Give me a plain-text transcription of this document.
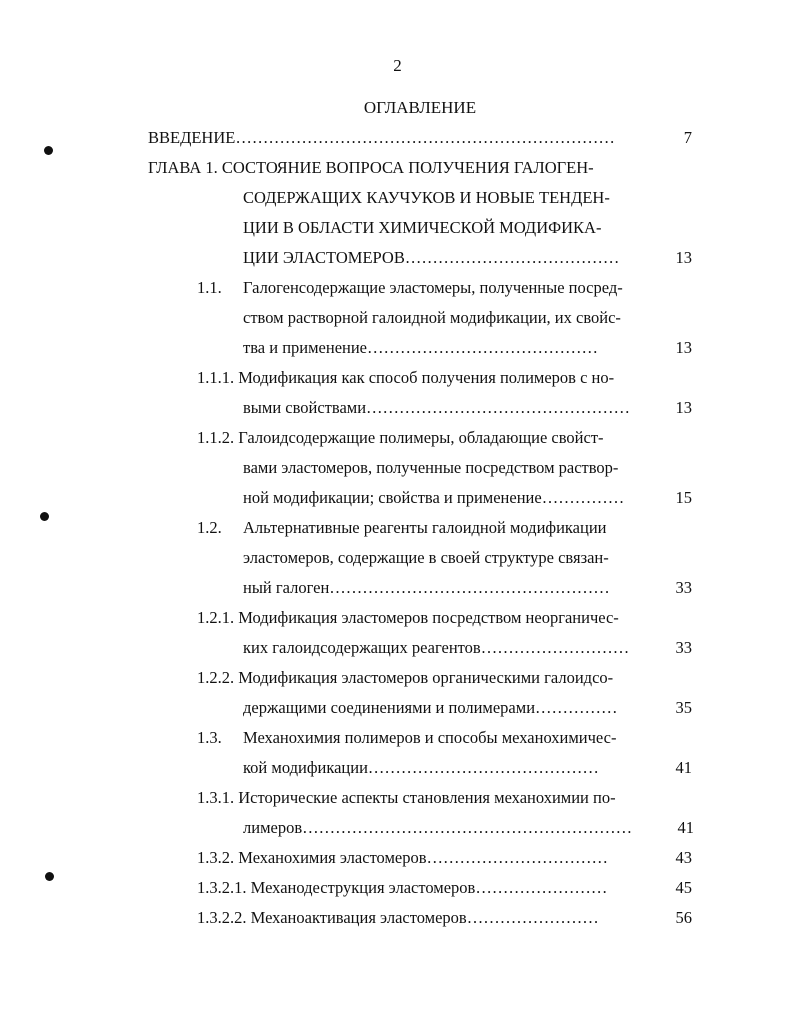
2
ОГЛАВЛЕНИЕ
ВВЕДЕНИЕ……………………………………………………………	7
ГЛАВА 1. СОСТОЯНИЕ ВОПРОСА ПОЛУЧЕНИЯ ГАЛОГЕН-
СОДЕРЖАЩИХ КАУЧУКОВ И НОВЫЕ ТЕНДЕН-
ЦИИ В ОБЛАСТИ ХИМИЧЕСКОЙ МОДИФИКА-
ЦИИ ЭЛАСТОМЕРОВ…………………………………	13
1.1. Галогенсодержащие эластомеры, полученные посред-
ством растворной галоидной модификации, их свойс-
тва и применение……………………………………	13
1.1.1. Модификация как способ получения полимеров с но-
выми свойствами…………………………………………	13
1.1.2. Галоидсодержащие полимеры, обладающие свойст-
вами эластомеров, полученные посредством раствор-
ной модификации; свойства и применение……………	15
1.2. Альтернативные реагенты галоидной модификации
эластомеров, содержащие в своей структуре связан-
ный галоген……………………………………………	33
1.2.1. Модификация эластомеров посредством неорганичес-
ких галоидсодержащих реагентов………………………	33
1.2.2. Модификация эластомеров органическими галоидсо-
держащими соединениями и полимерами……………	35
1.3. Механохимия полимеров и способы механохимичес-
кой модификации……………………………………	41
1.3.1. Исторические аспекты становления механохимии по-
лимеров……………………………………………………	41
1.3.2. Механохимия эластомеров……………………………	43
1.3.2.1. Механодеструкция эластомеров……………………	45
1.3.2.2. Механоактивация эластомеров……………………	56
